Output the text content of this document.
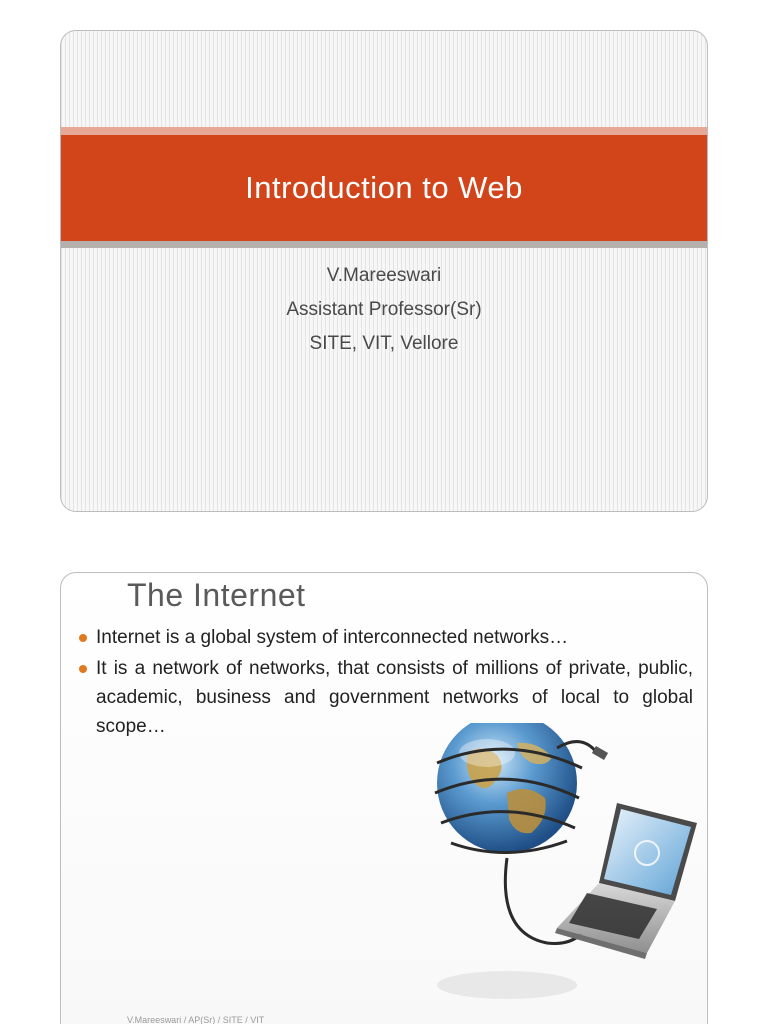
Introduction to Web
V.Mareeswari
Assistant Professor(Sr)
SITE, VIT, Vellore
The Internet
Internet is a global system of interconnected networks…
It is a network of networks, that consists of millions of private, public, academic, business and government networks of local to global scope…
V.Mareeswari / AP(Sr) / SITE / VIT
